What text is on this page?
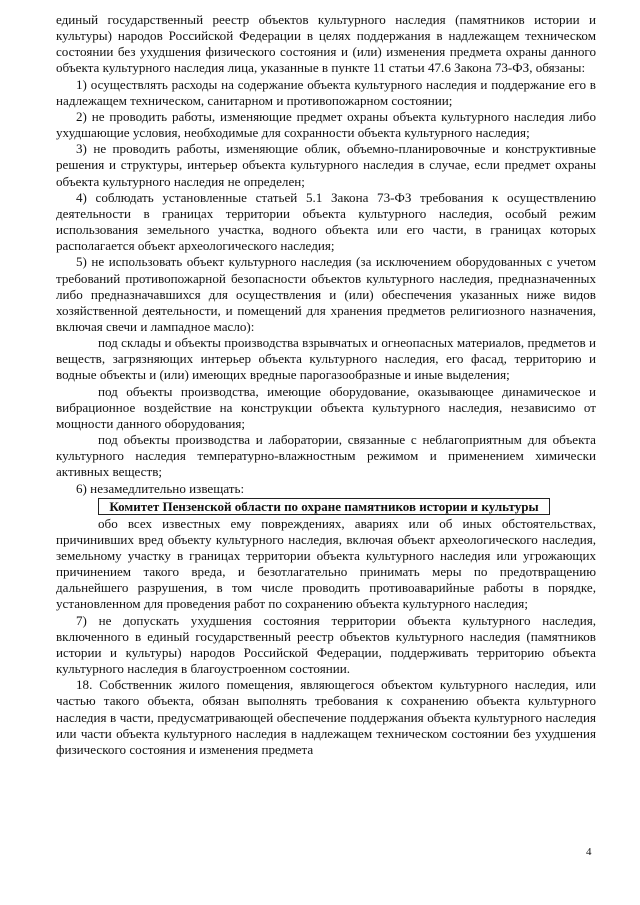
единый государственный реестр объектов культурного наследия (памятников истории и культуры) народов Российской Федерации в целях поддержания в надлежащем техническом состоянии без ухудшения физического состояния и (или) изменения предмета охраны данного объекта культурного наследия лица, указанные в пункте 11 статьи 47.6 Закона 73-ФЗ, обязаны:

1) осуществлять расходы на содержание объекта культурного наследия и поддержание его в надлежащем техническом, санитарном и противопожарном состоянии;

2) не проводить работы, изменяющие предмет охраны объекта культурного наследия либо ухудшающие условия, необходимые для сохранности объекта культурного наследия;

3) не проводить работы, изменяющие облик, объемно-планировочные и конструктивные решения и структуры, интерьер объекта культурного наследия в случае, если предмет охраны объекта культурного наследия не определен;

4) соблюдать установленные статьей 5.1 Закона 73-ФЗ требования к осуществлению деятельности в границах территории объекта культурного наследия, особый режим использования земельного участка, водного объекта или его части, в границах которых располагается объект археологического наследия;

5) не использовать объект культурного наследия (за исключением оборудованных с учетом требований противопожарной безопасности объектов культурного наследия, предназначенных либо предназначавшихся для осуществления и (или) обеспечения указанных ниже видов хозяйственной деятельности, и помещений для хранения предметов религиозного назначения, включая свечи и лампадное масло):

под склады и объекты производства взрывчатых и огнеопасных материалов, предметов и веществ, загрязняющих интерьер объекта культурного наследия, его фасад, территорию и водные объекты и (или) имеющих вредные парогазообразные и иные выделения;

под объекты производства, имеющие оборудование, оказывающее динамическое и вибрационное воздействие на конструкции объекта культурного наследия, независимо от мощности данного оборудования;

под объекты производства и лаборатории, связанные с неблагоприятным для объекта культурного наследия температурно-влажностным режимом и применением химически активных веществ;

6) незамедлительно извещать:

Комитет Пензенской области по охране памятников истории и культуры

обо всех известных ему повреждениях, авариях или об иных обстоятельствах, причинивших вред объекту культурного наследия, включая объект археологического наследия, земельному участку в границах территории объекта культурного наследия или угрожающих причинением такого вреда, и безотлагательно принимать меры по предотвращению дальнейшего разрушения, в том числе проводить противоаварийные работы в порядке, установленном для проведения работ по сохранению объекта культурного наследия;

7) не допускать ухудшения состояния территории объекта культурного наследия, включенного в единый государственный реестр объектов культурного наследия (памятников истории и культуры) народов Российской Федерации, поддерживать территорию объекта культурного наследия в благоустроенном состоянии.

18. Собственник жилого помещения, являющегося объектом культурного наследия, или частью такого объекта, обязан выполнять требования к сохранению объекта культурного наследия в части, предусматривающей обеспечение поддержания объекта культурного наследия или части объекта культурного наследия в надлежащем техническом состоянии без ухудшения физического состояния и изменения предмета

4
